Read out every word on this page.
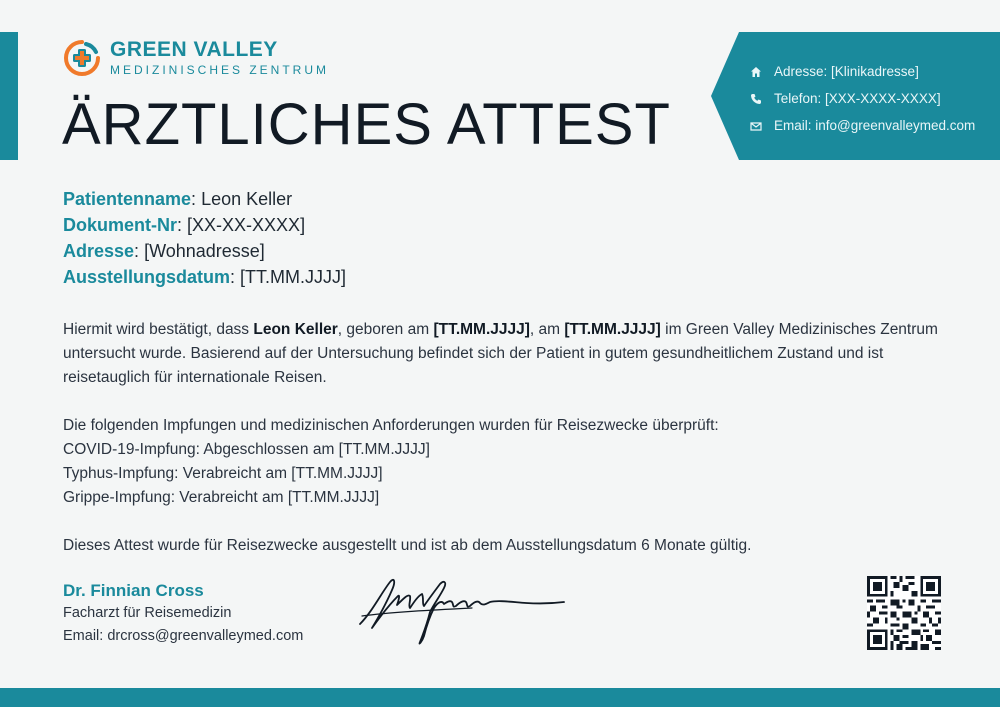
Adresse: [Klinikadresse]
Telefon: [XXX-XXXX-XXXX]
Email: info@greenvalleymed.com
GREEN VALLEY
MEDIZINISCHES ZENTRUM
ÄRZTLICHES ATTEST
Patientenname: Leon Keller
Dokument-Nr: [XX-XX-XXXX]
Adresse: [Wohnadresse]
Ausstellungsdatum: [TT.MM.JJJJ]

Hiermit wird bestätigt, dass Leon Keller, geboren am [TT.MM.JJJJ], am [TT.MM.JJJJ] im Green Valley Medizinisches Zentrum untersucht wurde. Basierend auf der Untersuchung befindet sich der Patient in gutem gesundheitlichem Zustand und ist reisetauglich für internationale Reisen.

Die folgenden Impfungen und medizinischen Anforderungen wurden für Reisezwecke überprüft:

COVID-19-Impfung: Abgeschlossen am [TT.MM.JJJJ]

Typhus-Impfung: Verabreicht am [TT.MM.JJJJ]

Grippe-Impfung: Verabreicht am [TT.MM.JJJJ]

Dieses Attest wurde für Reisezwecke ausgestellt und ist ab dem Ausstellungsdatum 6 Monate gültig.

Dr. Finnian Cross
Facharzt für Reisemedizin
Email: drcross@greenvalleymed.com
